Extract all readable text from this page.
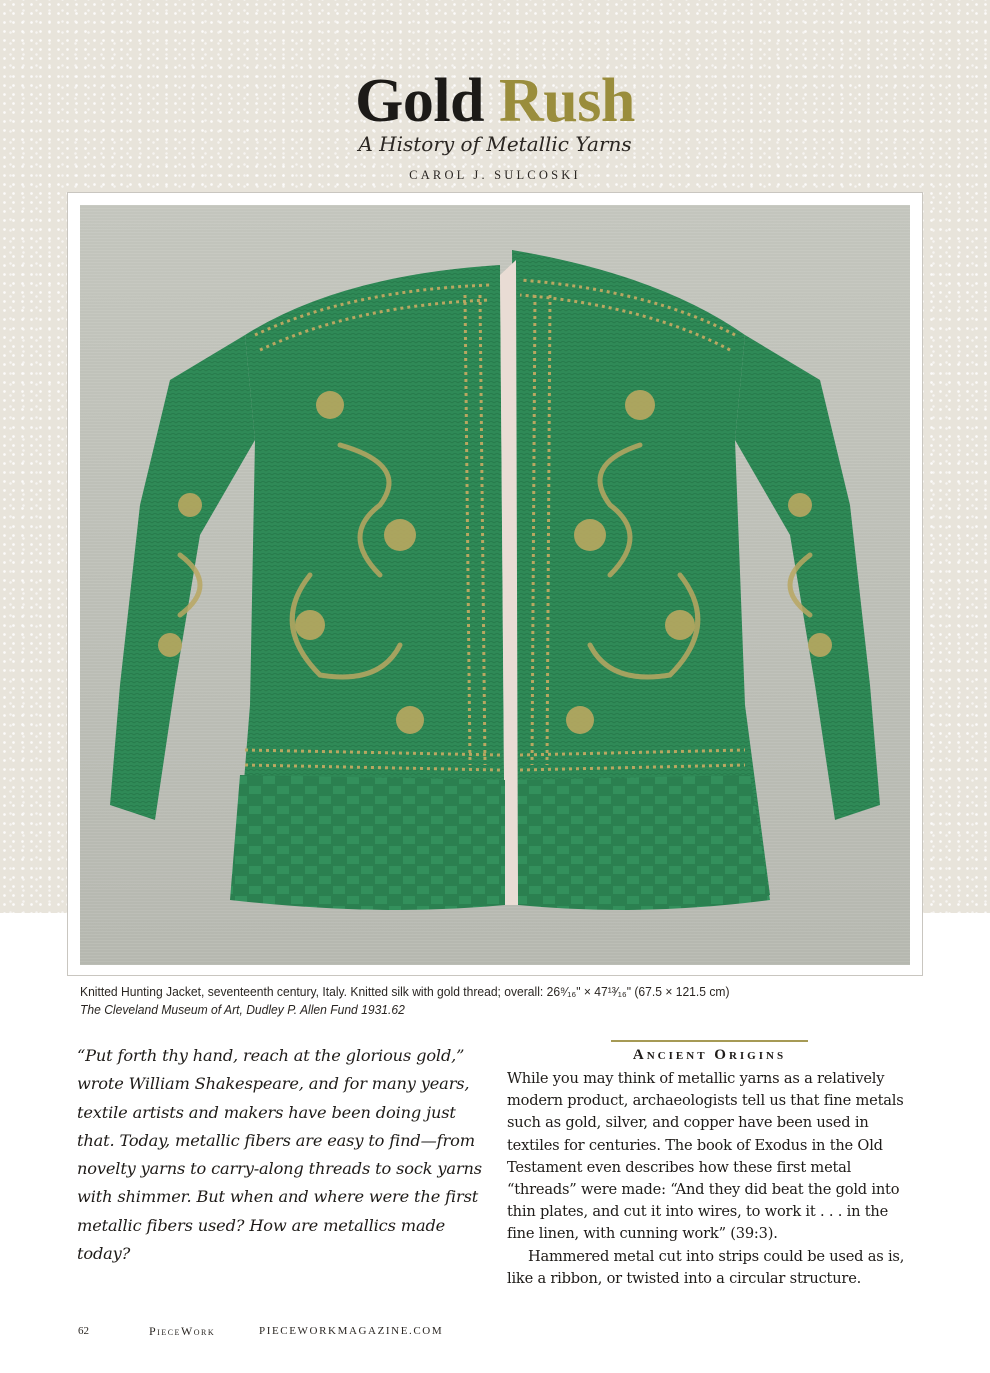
Gold Rush
A History of Metallic Yarns
CAROL J. SULCOSKI
Knitted Hunting Jacket, seventeenth century, Italy. Knitted silk with gold thread; overall: 26⁹⁄₁₆" × 47¹³⁄₁₆" (67.5 × 121.5 cm)
The Cleveland Museum of Art, Dudley P. Allen Fund 1931.62
“Put forth thy hand, reach at the glorious gold,” wrote William Shakespeare, and for many years, textile artists and makers have been doing just that. Today, metallic fibers are easy to find—from novelty yarns to carry-along threads to sock yarns with shimmer. But when and where were the first metallic fibers used? How are metallics made today?
Ancient Origins

While you may think of metallic yarns as a relatively modern product, archaeologists tell us that fine metals such as gold, silver, and copper have been used in textiles for centuries. The book of Exodus in the Old Testament even describes how these first metal “threads” were made: “And they did beat the gold into thin plates, and cut it into wires, to work it . . . in the fine linen, with cunning work” (39:3).

Hammered metal cut into strips could be used as is, like a ribbon, or twisted into a circular structure.

62	PieceWork	PIECEWORKMAGAZINE.COM
